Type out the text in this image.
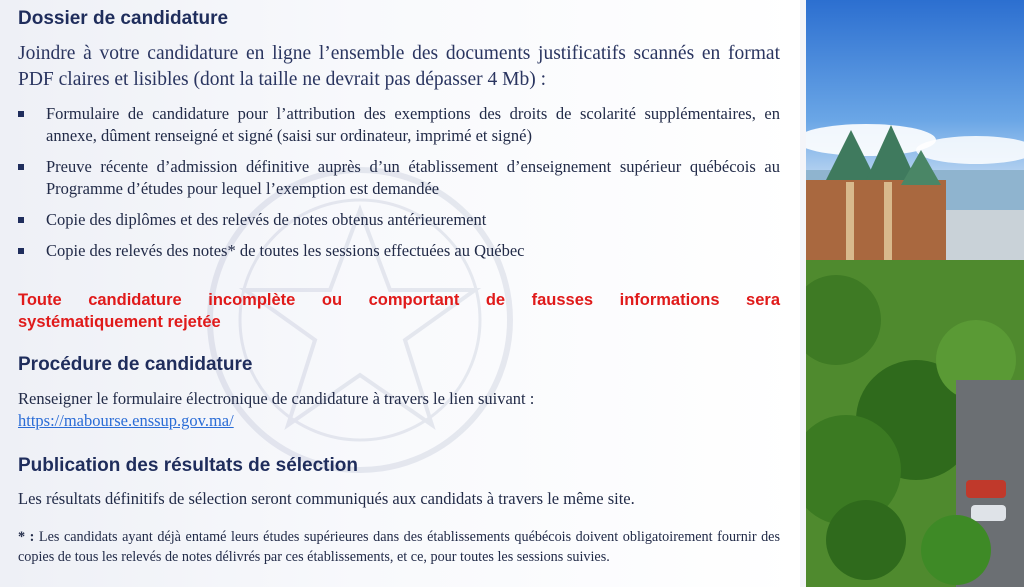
Dossier de candidature

Joindre à votre candidature en ligne l’ensemble des documents justificatifs scannés en format PDF claires et lisibles (dont la taille ne devrait pas dépasser 4 Mb) :

Formulaire de candidature pour l’attribution des exemptions des droits de scolarité supplémentaires, en annexe, dûment renseigné et signé (saisi sur ordinateur, imprimé et signé)
Preuve récente d’admission définitive auprès d’un établissement d’enseignement supérieur québécois au Programme d’études pour lequel l’exemption est demandée
Copie des diplômes et des relevés de notes obtenus antérieurement
Copie des relevés des notes* de toutes les sessions effectuées au Québec

Toute candidature incomplète ou comportant de fausses informations sera

systématiquement rejetée

Procédure de candidature

Renseigner le formulaire électronique de candidature à travers le lien suivant :
https://mabourse.enssup.gov.ma/

Publication des résultats de sélection

Les résultats définitifs de sélection seront communiqués aux candidats à travers le même site.

* : Les candidats ayant déjà entamé leurs études supérieures dans des établissements québécois doivent obligatoirement fournir des copies de tous les relevés de notes délivrés par ces établissements, et ce, pour toutes les sessions suivies.
